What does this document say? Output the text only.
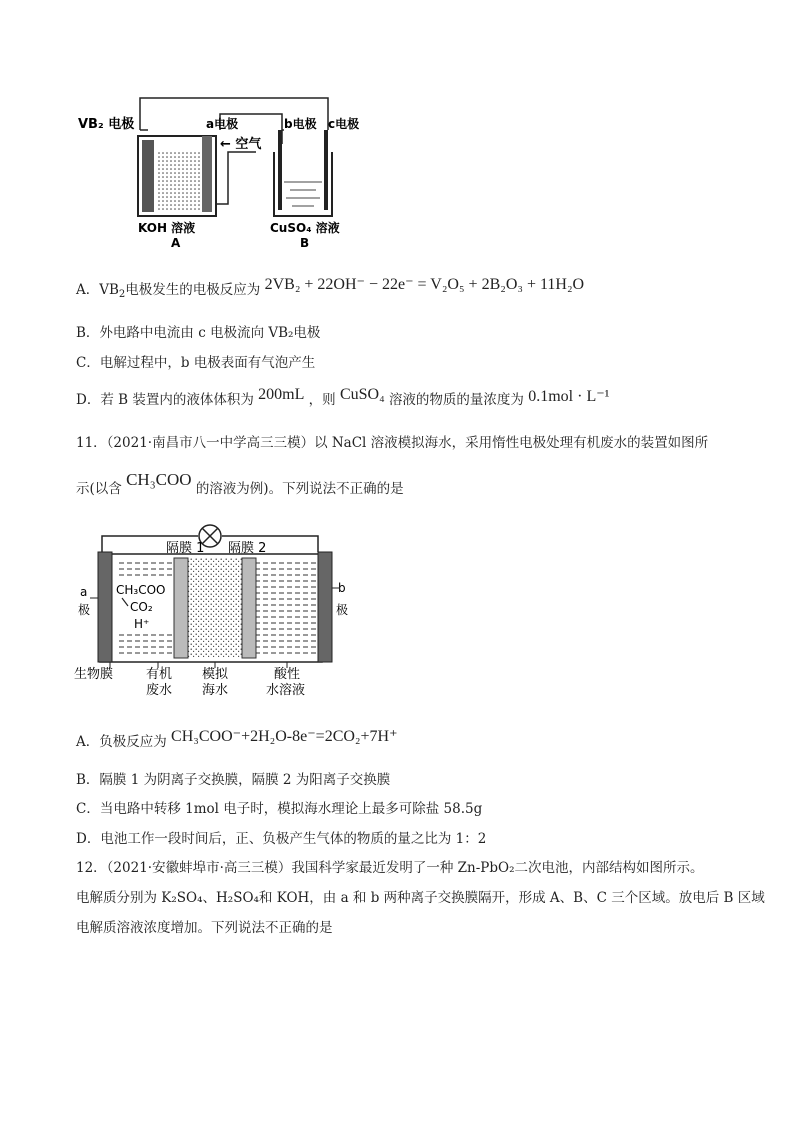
VB₂ 电极	a电极	b电极 c电极
← 空气
KOH 溶液
A
CuSO₄ 溶液
B
A．$VB_2$电极发生的电极反应为 2VB₂ + 22OH⁻ − 22e⁻ = V₂O₅ + 2B₂O₃ + 11H₂O
B．外电路中电流由 c 电极流向 VB₂电极
C．电解过程中，b 电极表面有气泡产生
D．若 B 装置内的液体体积为 200mL ，则 CuSO₄ 溶液的物质的量浓度为 0.1mol · L⁻¹
11．（2021·南昌市八一中学高三三模）以 NaCl 溶液模拟海水，采用惰性电极处理有机废水的装置如图所
示(以含 CH₃COO 的溶液为例)。下列说法不正确的是
CH₃COO
CO₂
H⁺
隔膜 1 隔膜 2
a
极
b
极
生物膜	有机
废水
模拟
海水
酸性
水溶液
A．负极反应为 CH₃COO⁻+2H₂O-8e⁻=2CO₂+7H⁺
B．隔膜 1 为阴离子交换膜，隔膜 2 为阳离子交换膜
C．当电路中转移 1mol 电子时，模拟海水理论上最多可除盐 58.5g
D．电池工作一段时间后，正、负极产生气体的物质的量之比为 1：2
12．（2021·安徽蚌埠市·高三三模）我国科学家最近发明了一种 Zn-PbO₂二次电池，内部结构如图所示。
电解质分别为 K₂SO₄、H₂SO₄和 KOH，由 a 和 b 两种离子交换膜隔开，形成 A、B、C 三个区域。放电后 B 区域
电解质溶液浓度增加。下列说法不正确的是
